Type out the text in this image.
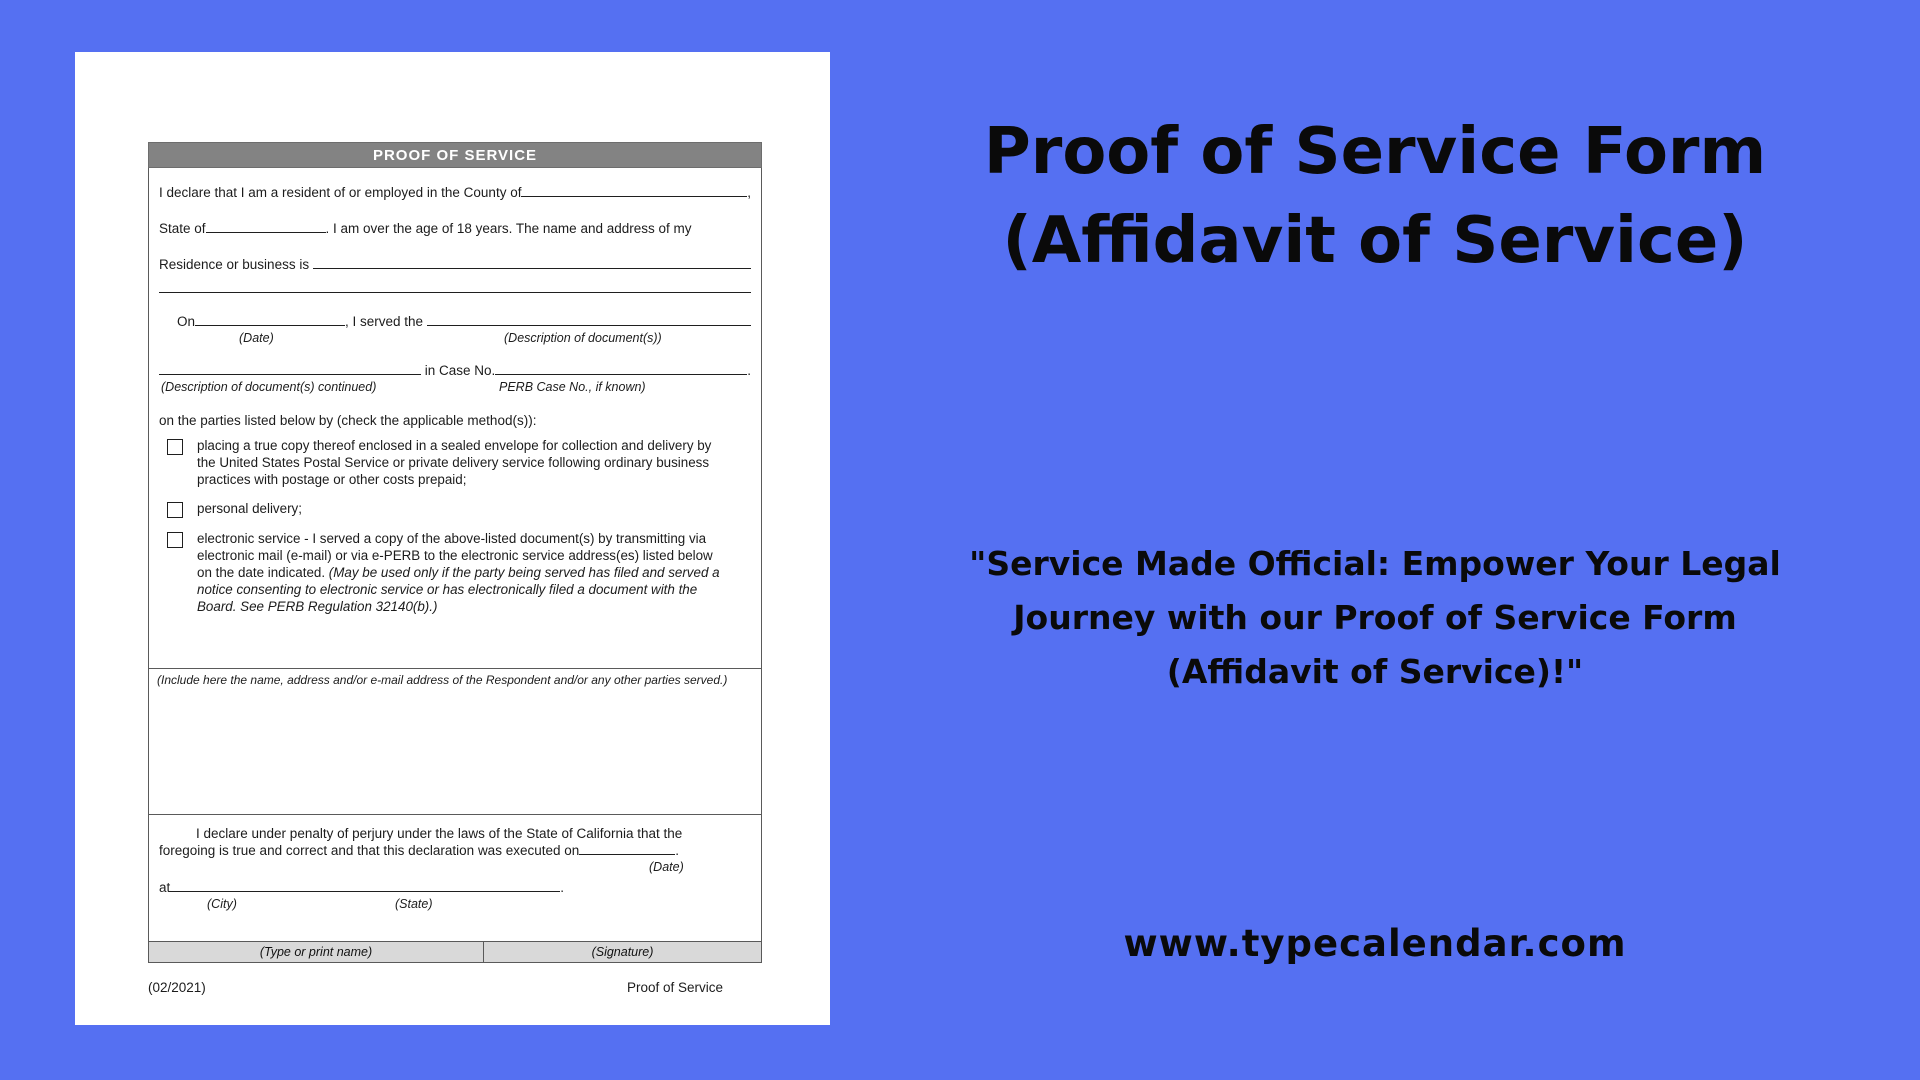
PROOF OF SERVICE
I declare that I am a resident of or employed in the County of	,
State of	. I am over the age of 18 years. The name and address of my
Residence or business is
On	, I served the
(Date)	(Description of document(s))
in Case No.	.
(Description of document(s) continued)	PERB Case No., if known)
on the parties listed below by (check the applicable method(s)):

placing a true copy thereof enclosed in a sealed envelope for collection and delivery by the United States Postal Service or private delivery service following ordinary business practices with postage or other costs prepaid;

personal delivery;

electronic service - I served a copy of the above-listed document(s) by transmitting via electronic mail (e-mail) or via e-PERB to the electronic service address(es) listed below on the date indicated. (May be used only if the party being served has filed and served a notice consenting to electronic service or has electronically filed a document with the Board. See PERB Regulation 32140(b).)

(Include here the name, address and/or e-mail address of the Respondent and/or any other parties served.)
I declare under penalty of perjury under the laws of the State of California that the
foregoing is true and correct and that this declaration was executed on	.
(Date)
at	.
(City)	(State)
(Type or print name)	(Signature)
(02/2021)	Proof of Service
Proof of Service Form
(Affidavit of Service)
"Service Made Official: Empower Your Legal
Journey with our Proof of Service Form
(Affidavit of Service)!"
www.typecalendar.com
